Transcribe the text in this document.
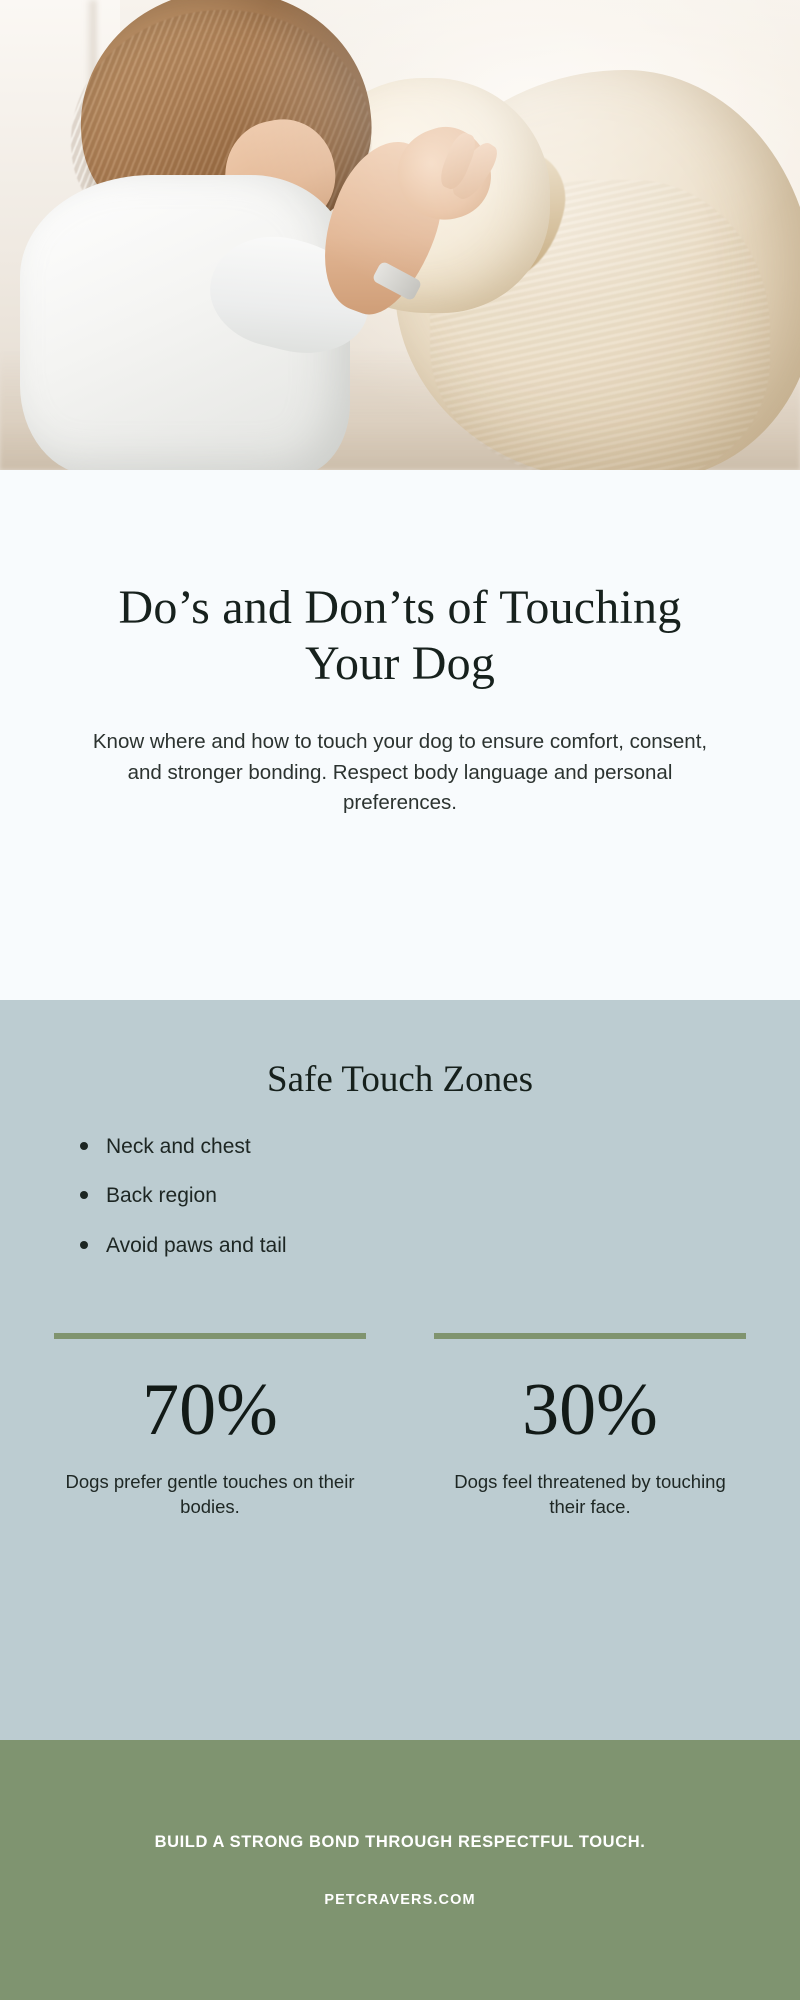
Do’s and Don’ts of Touching Your Dog

Know where and how to touch your dog to ensure comfort, consent, and stronger bonding. Respect body language and personal preferences.

Safe Touch Zones
Neck and chest
Back region
Avoid paws and tail
70%
Dogs prefer gentle touches on their bodies.
30%
Dogs feel threatened by touching their face.
BUILD A STRONG BOND THROUGH RESPECTFUL TOUCH.
PETCRAVERS.COM
